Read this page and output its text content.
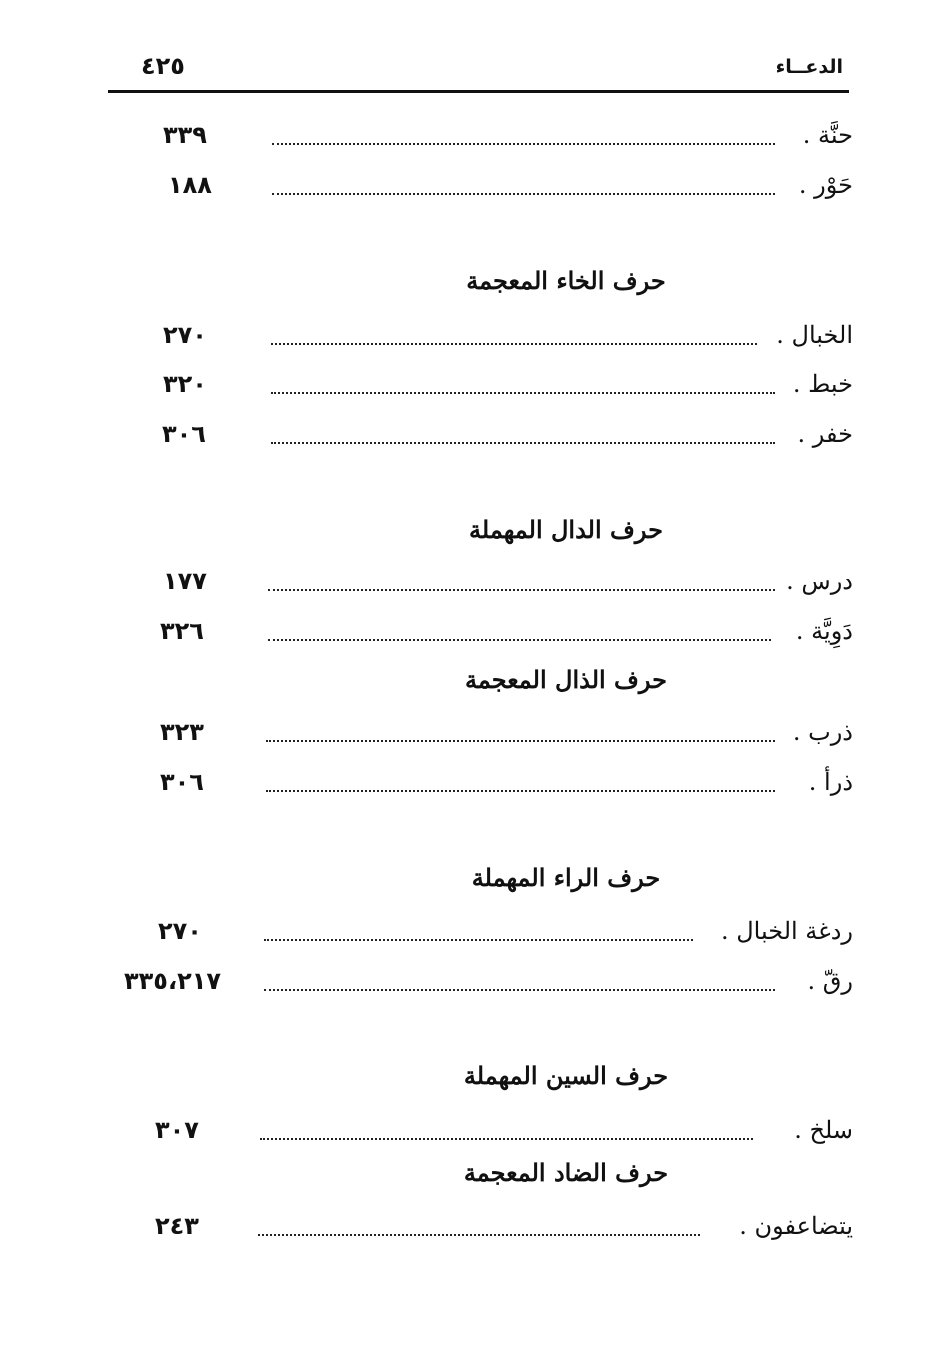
الدعــاء
٤٢٥
حنَّة .
٣٣٩
حَوْر .
١٨٨
حرف الخاء المعجمة
الخبال .
٢٧٠
خبط .
٣٢٠
خفر .
٣٠٦
حرف الدال المهملة
درس .
١٧٧
دَوِيَّة .
٣٢٦
حرف الذال المعجمة
ذرب .
٣٢٣
ذرأ .
٣٠٦
حرف الراء المهملة
ردغة الخبال .
٢٧٠
رقّ .
٣٣٥،٢١٧
حرف السين المهملة
سلخ .
٣٠٧
حرف الضاد المعجمة
يتضاعفون .
٢٤٣
